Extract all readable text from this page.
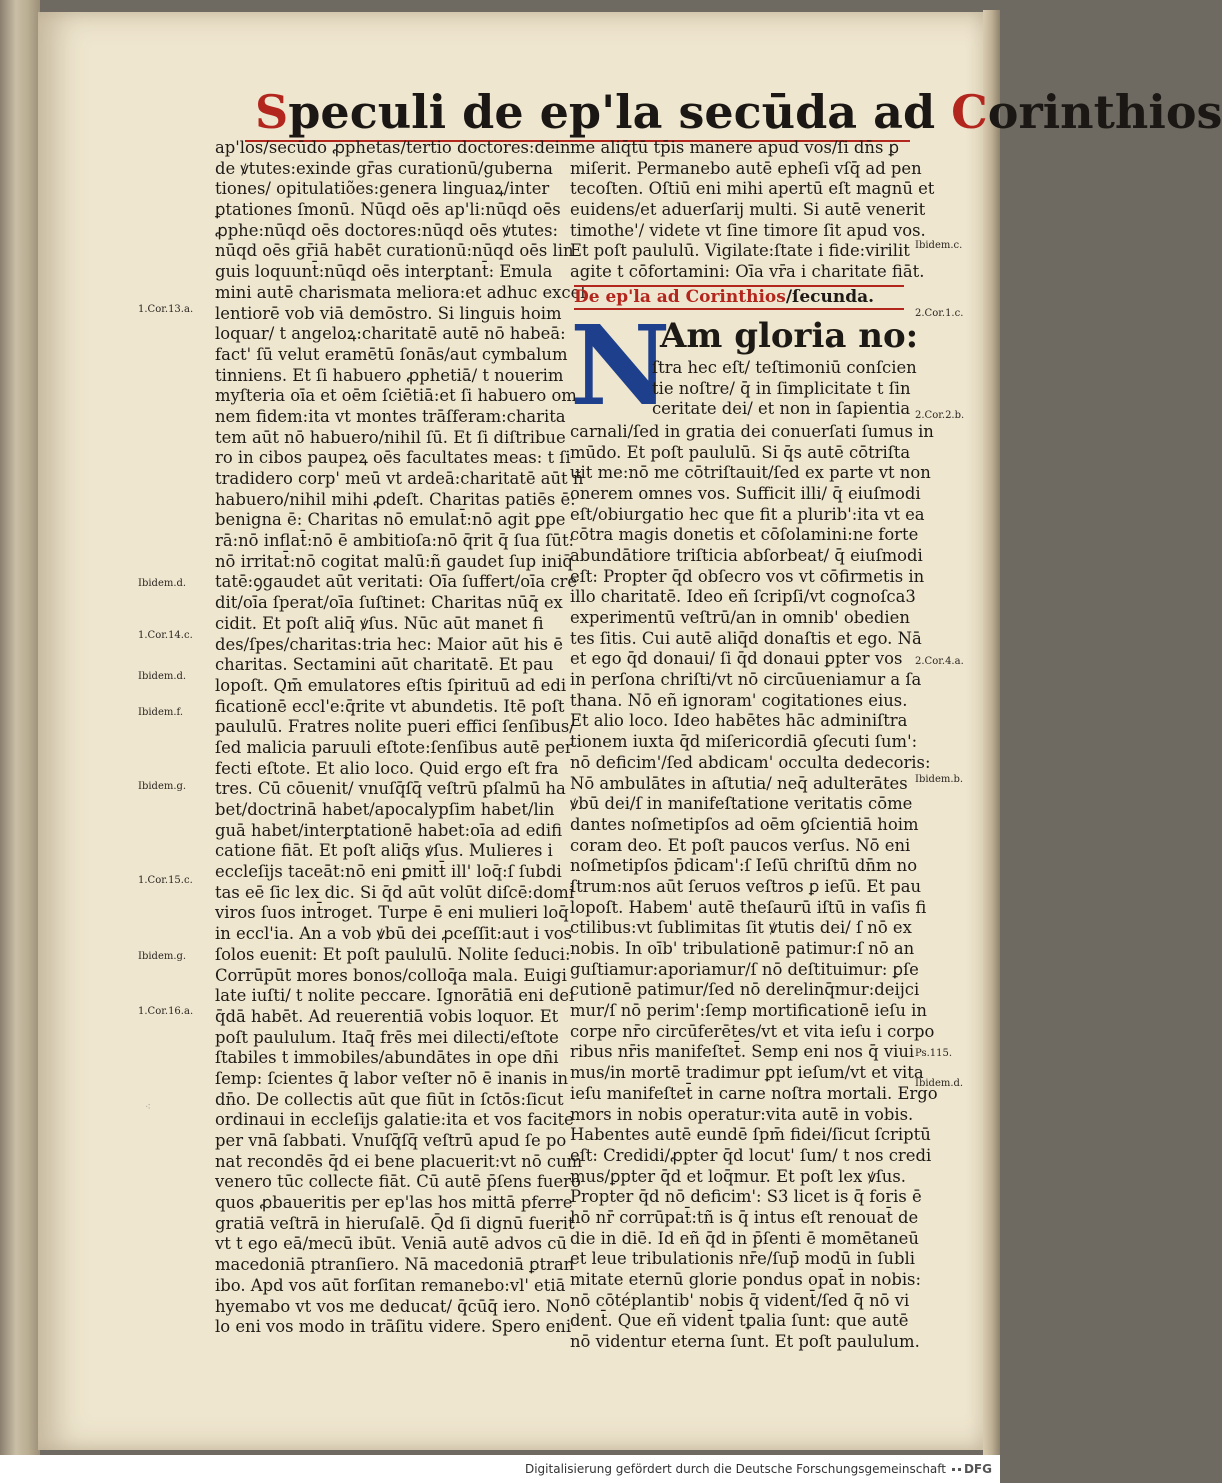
Speculi de ep'la secūda ad Corinthios
ap'los/secūdo ꝓphetas/tertio doctores:dein
de ꝟtutes:exinde gr̄as curationū/guberna
tiones/ opitulatiões:genera linguaꝝ/inter
ꝑtationes ſmonū. Nūqd oēs ap'li:nūqd oēs
ꝓphe:nūqd oēs doctores:nūqd oēs ꝟtutes:
nūqd oēs gr̄iā habēt curationū:nūqd oēs lin
guis loquunt̄:nūqd oēs interꝑtant̄: Emula
mini autē charismata meliora:et adhuc excel
lentiorē vob viā demōstro. Si linguis hoim
loquar/ t angeloꝝ:charitatē autē nō habeā:
fact' ſū velut eramētū ſonās/aut cymbalum
tinniens. Et ſi habuero ꝓphetiā/ t nouerim
myſteria oīa et oēm ſciētiā:et ſi habuero om
nem fidem:ita vt montes trāſferam:charita
tem aūt nō habuero/nihil ſū. Et ſi diſtribue
ro in cibos paupeꝝ oēs facultates meas: t ſi
tradidero corp' meū vt ardeā:charitatē aūt ñ
habuero/nihil mihi ꝓdeſt. Charitas patiēs ē:
benigna ē: Charitas nō emulat̄:nō agit ꝑpe
rā:nō inflat̄:nō ē ambitioſa:nō q̄rit q̄ ſua ſūt:
nō irritat̄:nō cogitat malū:ñ gaudet ſup iniq̄
tatē:ꝯgaudet aūt veritati: Oīa ſuffert/oīa cre
dit/oīa ſperat/oīa ſuſtinet: Charitas nūq̄ ex
cidit. Et poſt aliq̄ ꝟſus. Nūc aūt manet fi
des/ſpes/charitas:tria hec: Maior aūt his ē
charitas. Sectamini aūt charitatē. Et pau
lopoſt. Qm̄ emulatores eſtis ſpirituū ad edi
ficationē eccl'e:q̄rite vt abundetis. Itē poſt
paululū. Fratres nolite pueri effici ſenſibus/
ſed malicia paruuli eſtote:ſenſibus autē per
fecti eſtote. Et alio loco. Quid ergo eſt fra
tres. Cū cōuenit/ vnuſq̄ſq̄ veſtrū pſalmū ha
bet/doctrinā habet/apocalypſim habet/lin
guā habet/interꝑtationē habet:oīa ad edifi
catione fiāt. Et poſt aliq̄s ꝟſus. Mulieres i
eccleſijs taceāt:nō eni ꝑmitt̄ ill' loq̄:ſ ſubdi
tas eē ſic lex dic. Si q̄d aūt volūt diſcē:domi
viros ſuos int̄roget. Turpe ē eni mulieri loq̄
in eccl'ia. An a vob ꝟbū dei ꝓceſſit:aut i vos
ſolos euenit: Et poſt paululū. Nolite ſeduci:
Corrūpūt mores bonos/colloq̄a mala. Euigi
late iuſti/ t nolite peccare. Ignorātiā eni dei
q̄dā habēt. Ad reuerentiā vobis loquor. Et
poſt paululum. Itaq̄ frēs mei dilecti/eſtote
ſtabiles t immobiles/abundātes in ope dn̄i
ſemp: ſcientes q̄ labor veſter nō ē inanis in
dn̄o. De collectis aūt que fiūt in ſctōs:ſicut
ordinaui in eccleſijs galatie:ita et vos facite
per vnā ſabbati. Vnuſq̄ſq̄ veſtrū apud ſe po
nat recondēs q̄d ei bene placuerit:vt nō cum
venero tūc collecte fiāt. Cū autē p̄ſens fuero
quos ꝓbaueritis per ep'las hos mittā pferre
gratiā veſtrā in hieruſalē. Q̄d ſi dignū fuerit
vt t ego eā/mecū ibūt. Veniā autē advos cū
macedoniā ptranſiero. Nā macedoniā ꝑtran
ibo. Apd vos aūt forſitan remanebo:vl' etiā
hyemabo vt vos me deducat/ q̄cūq̄ iero. No
lo eni vos modo in trāſitu videre. Spero eni
me aliq̄tū tp̄is manere apud vos/ſi dn̄s ꝑ
miſerit. Permanebo autē epheſi vſq̄ ad pen
tecoſten. Oſtiū eni mihi apertū eſt magnū et
euidens/et aduerſarij multi. Si autē venerit
timothe'/ videte vt ſine timore ſit apud vos.
Et poſt paululū. Vigilate:ſtate i fide:virilit
agite t cōfortamini: Oīa vr̄a i charitate fiāt.
De ep'la ad Corinthios/ſecunda.
N
Am gloria no:
ſtra hec eſt/ teſtimoniū conſcien
tie noſtre/ q̄ in ſimplicitate t ſin
ceritate dei/ et non in ſapientia
carnali/ſed in gratia dei conuerſati ſumus in
mūdo. Et poſt paululū. Si q̄s autē cōtriſta
uit me:nō me cōtriſtauit/ſed ex parte vt non
onerem omnes vos. Sufficit illi/ q̄ eiuſmodi
eſt/obiurgatio hec que fit a plurib':ita vt ea
cōtra magis donetis et cōſolamini:ne forte
abundātiore triſticia abſorbeat/ q̄ eiuſmodi
eſt: Propter q̄d obſecro vos vt cōfirmetis in
illo charitatē. Ideo eñ ſcripſi/vt cognoſca3
experimentū veſtrū/an in omnib' obedien
tes ſitis. Cui autē aliq̄d donaſtis et ego. Nā
et ego q̄d donaui/ ſi q̄d donaui ꝑpter vos
in perſona chriſti/vt nō circūueniamur a ſa
thana. Nō eñ ignoram' cogitationes eius.
Et alio loco. Ideo habētes hāc adminiſtra
tionem iuxta q̄d miſericordiā ꝯſecuti ſum':
nō deficim'/ſed abdicam' occulta dedecoris:
Nō ambulātes in aſtutia/ neq̄ adulterātes
ꝟbū dei/ſ in manifeſtatione veritatis cōme
dantes noſmetipſos ad oēm ꝯſcientiā hoim
coram deo. Et poſt paucos verſus. Nō eni
noſmetipſos p̄dicam':ſ Ieſū chriſtū dn̄m no
ſtrum:nos aūt ſeruos veſtros ꝑ ieſū. Et pau
lopoſt. Habem' autē theſaurū iſtū in vaſis fi
ctilibus:vt ſublimitas ſit ꝟtutis dei/ ſ nō ex
nobis. In oīb' tribulationē patimur:ſ nō an
guſtiamur:aporiamur/ſ nō deſtituimur: ꝑſe
cutionē patimur/ſed nō derelinq̄mur:deijci
mur/ſ nō perim':ſemp mortificationē ieſu in
corpe nr̄o circūferētes/vt et vita ieſu i corpo
ribus nr̄is manifeſtet̄. Semp eni nos q̄ viui
mus/in mortē tradimur ꝑpt ieſum/vt et vita
ieſu manifeſtet̄ in carne noſtra mortali. Ergo
mors in nobis operatur:vita autē in vobis.
Habentes autē eundē ſpm̄ fidei/ſicut ſcriptū
eſt: Credidi/ꝓpter q̄d locut' ſum/ t nos credi
mus/ꝑpter q̄d et loq̄mur. Et poſt lex ꝟſus.
Propter q̄d nō deficim': S3 licet is q̄ foris ē
hō nr̄ corrūpat̄:tñ is q̄ intus eſt renouat̄ de
die in diē. Id eñ q̄d in p̄ſenti ē momētaneū
et leue tribulationis nr̄e/ſup̄ modū in ſubli
mitate eternū glorie pondus opat̄ in nobis:
nō cōtéplantib' nobis q̄ vident̄/ſed q̄ nō vi
dent̄. Que eñ vident̄ tꝑalia ſunt: que autē
nō videntur eterna ſunt. Et poſt paululum.
1.Cor.13.a.
Ibidem.d.
1.Cor.14.c.
Ibidem.d.
Ibidem.f.
Ibidem.g.
1.Cor.15.c.
Ibidem.g.
1.Cor.16.a.
Ibidem.c.
2.Cor.1.c.
2.Cor.2.b.
2.Cor.4.a.
Ibidem.b.
Ps.115.
Ibidem.d.
⁖
Digitalisierung gefördert durch die Deutsche Forschungsgemeinschaft DFG
